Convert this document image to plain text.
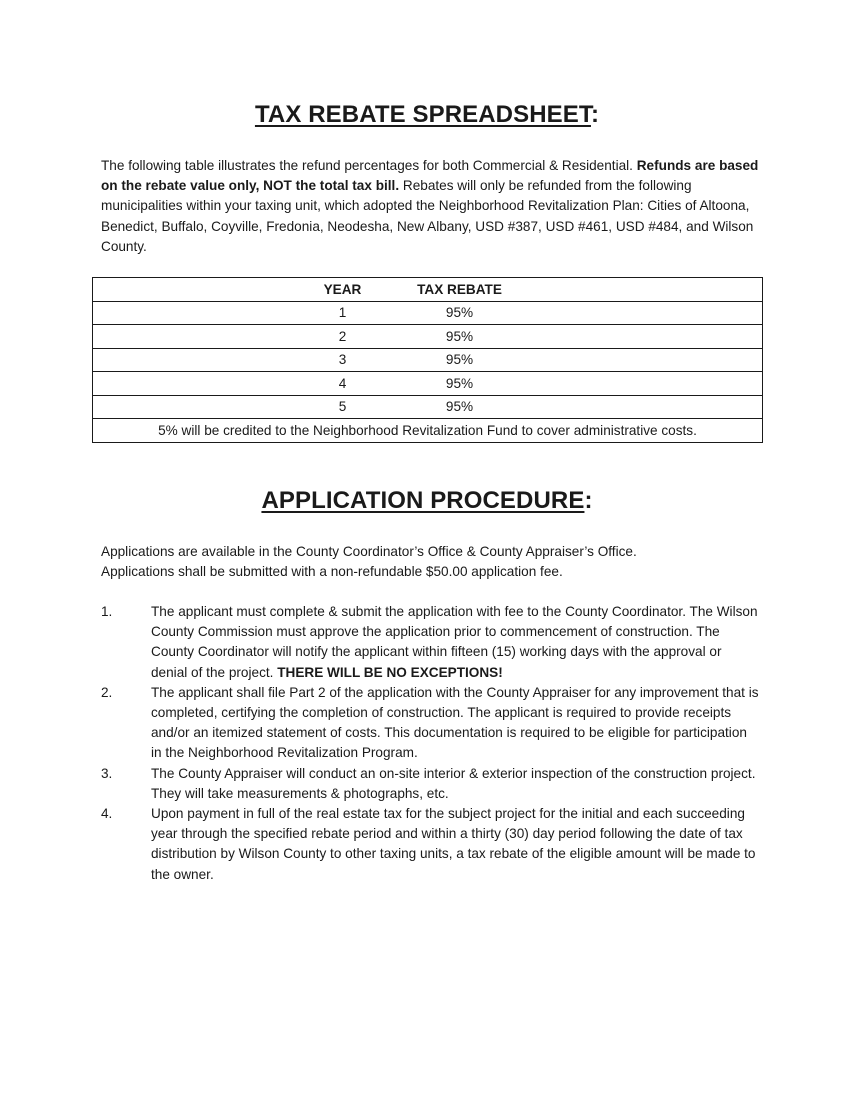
TAX REBATE SPREADSHEET:

The following table illustrates the refund percentages for both Commercial & Residential. Refunds are based on the rebate value only, NOT the total tax bill. Rebates will only be refunded from the following municipalities within your taxing unit, which adopted the Neighborhood Revitalization Plan: Cities of Altoona, Benedict, Buffalo, Coyville, Fredonia, Neodesha, New Albany, USD #387, USD #461, USD #484, and Wilson County.

YEAR	TAX REBATE

1	95%

2	95%

3	95%

4	95%

5	95%

5% will be credited to the Neighborhood Revitalization Fund to cover administrative costs.
APPLICATION PROCEDURE:

Applications are available in the County Coordinator’s Office & County Appraiser’s Office.
Applications shall be submitted with a non-refundable $50.00 application fee.

1.	The applicant must complete & submit the application with fee to the County Coordinator. The Wilson County Commission must approve the application prior to commencement of construction. The County Coordinator will notify the applicant within fifteen (15) working days with the approval or denial of the project. THERE WILL BE NO EXCEPTIONS!
2.	The applicant shall file Part 2 of the application with the County Appraiser for any improvement that is completed, certifying the completion of construction. The applicant is required to provide receipts and/or an itemized statement of costs. This documentation is required to be eligible for participation in the Neighborhood Revitalization Program.
3.	The County Appraiser will conduct an on-site interior & exterior inspection of the construction project. They will take measurements & photographs, etc.
4.	Upon payment in full of the real estate tax for the subject project for the initial and each succeeding year through the specified rebate period and within a thirty (30) day period following the date of tax distribution by Wilson County to other taxing units, a tax rebate of the eligible amount will be made to the owner.
